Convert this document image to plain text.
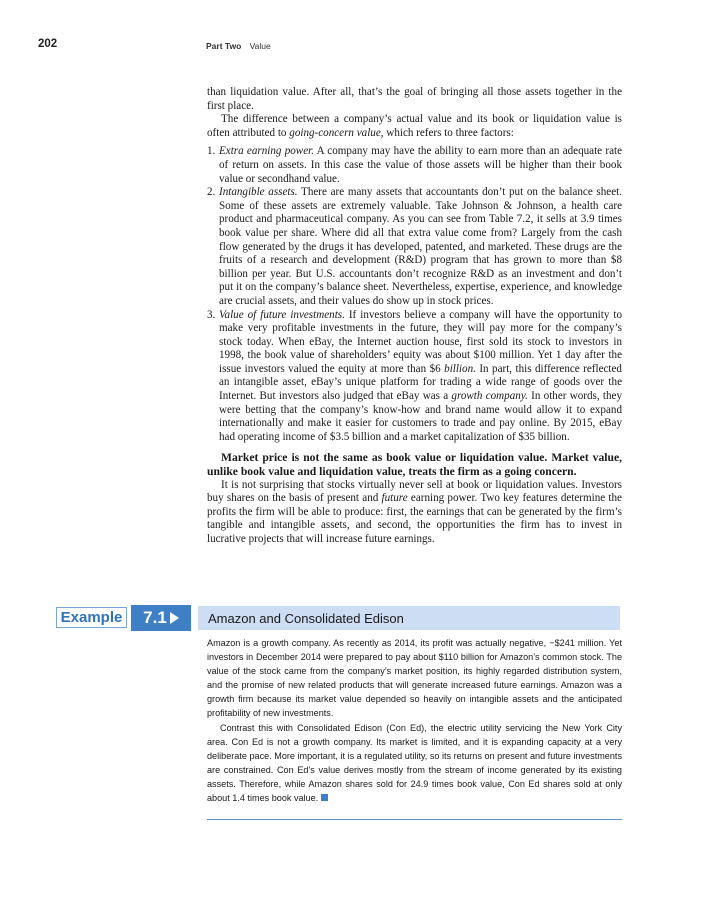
202	Part Two Value

than liquidation value. After all, that’s the goal of bringing all those assets together in the first place.

The difference between a company’s actual value and its book or liquidation value is often attributed to going-concern value, which refers to three factors:

1. Extra earning power. A company may have the ability to earn more than an adequate rate of return on assets. In this case the value of those assets will be higher than their book value or secondhand value.
2. Intangible assets. There are many assets that accountants don’t put on the balance sheet. Some of these assets are extremely valuable. Take Johnson & Johnson, a health care product and pharmaceutical company. As you can see from Table 7.2, it sells at 3.9 times book value per share. Where did all that extra value come from? Largely from the cash flow generated by the drugs it has developed, patented, and marketed. These drugs are the fruits of a research and development (R&D) program that has grown to more than $8 billion per year. But U.S. accountants don’t recognize R&D as an investment and don’t put it on the company’s balance sheet. Nevertheless, expertise, experience, and knowledge are crucial assets, and their values do show up in stock prices.
3. Value of future investments. If investors believe a company will have the opportunity to make very profitable investments in the future, they will pay more for the company’s stock today. When eBay, the Internet auction house, first sold its stock to investors in 1998, the book value of shareholders’ equity was about $100 million. Yet 1 day after the issue investors valued the equity at more than $6 billion. In part, this difference reflected an intangible asset, eBay’s unique platform for trading a wide range of goods over the Internet. But investors also judged that eBay was a growth company. In other words, they were betting that the company’s know-how and brand name would allow it to expand internationally and make it easier for customers to trade and pay online. By 2015, eBay had operating income of $3.5 billion and a market capitalization of $35 billion.

Market price is not the same as book value or liquidation value. Market value, unlike book value and liquidation value, treats the firm as a going concern.

It is not surprising that stocks virtually never sell at book or liquidation values. Investors buy shares on the basis of present and future earning power. Two key features determine the profits the firm will be able to produce: first, the earnings that can be generated by the firm’s tangible and intangible assets, and second, the opportunities the firm has to invest in lucrative projects that will increase future earnings.

Example 7.1	Amazon and Consolidated Edison

Amazon is a growth company. As recently as 2014, its profit was actually negative, −$241 million. Yet investors in December 2014 were prepared to pay about $110 billion for Amazon’s common stock. The value of the stock came from the company’s market position, its highly regarded distribution system, and the promise of new related products that will generate increased future earnings. Amazon was a growth firm because its market value depended so heavily on intangible assets and the anticipated profitability of new investments.

Contrast this with Consolidated Edison (Con Ed), the electric utility servicing the New York City area. Con Ed is not a growth company. Its market is limited, and it is expanding capacity at a very deliberate pace. More important, it is a regulated utility, so its returns on present and future investments are constrained. Con Ed’s value derives mostly from the stream of income generated by its existing assets. Therefore, while Amazon shares sold for 24.9 times book value, Con Ed shares sold at only about 1.4 times book value.
